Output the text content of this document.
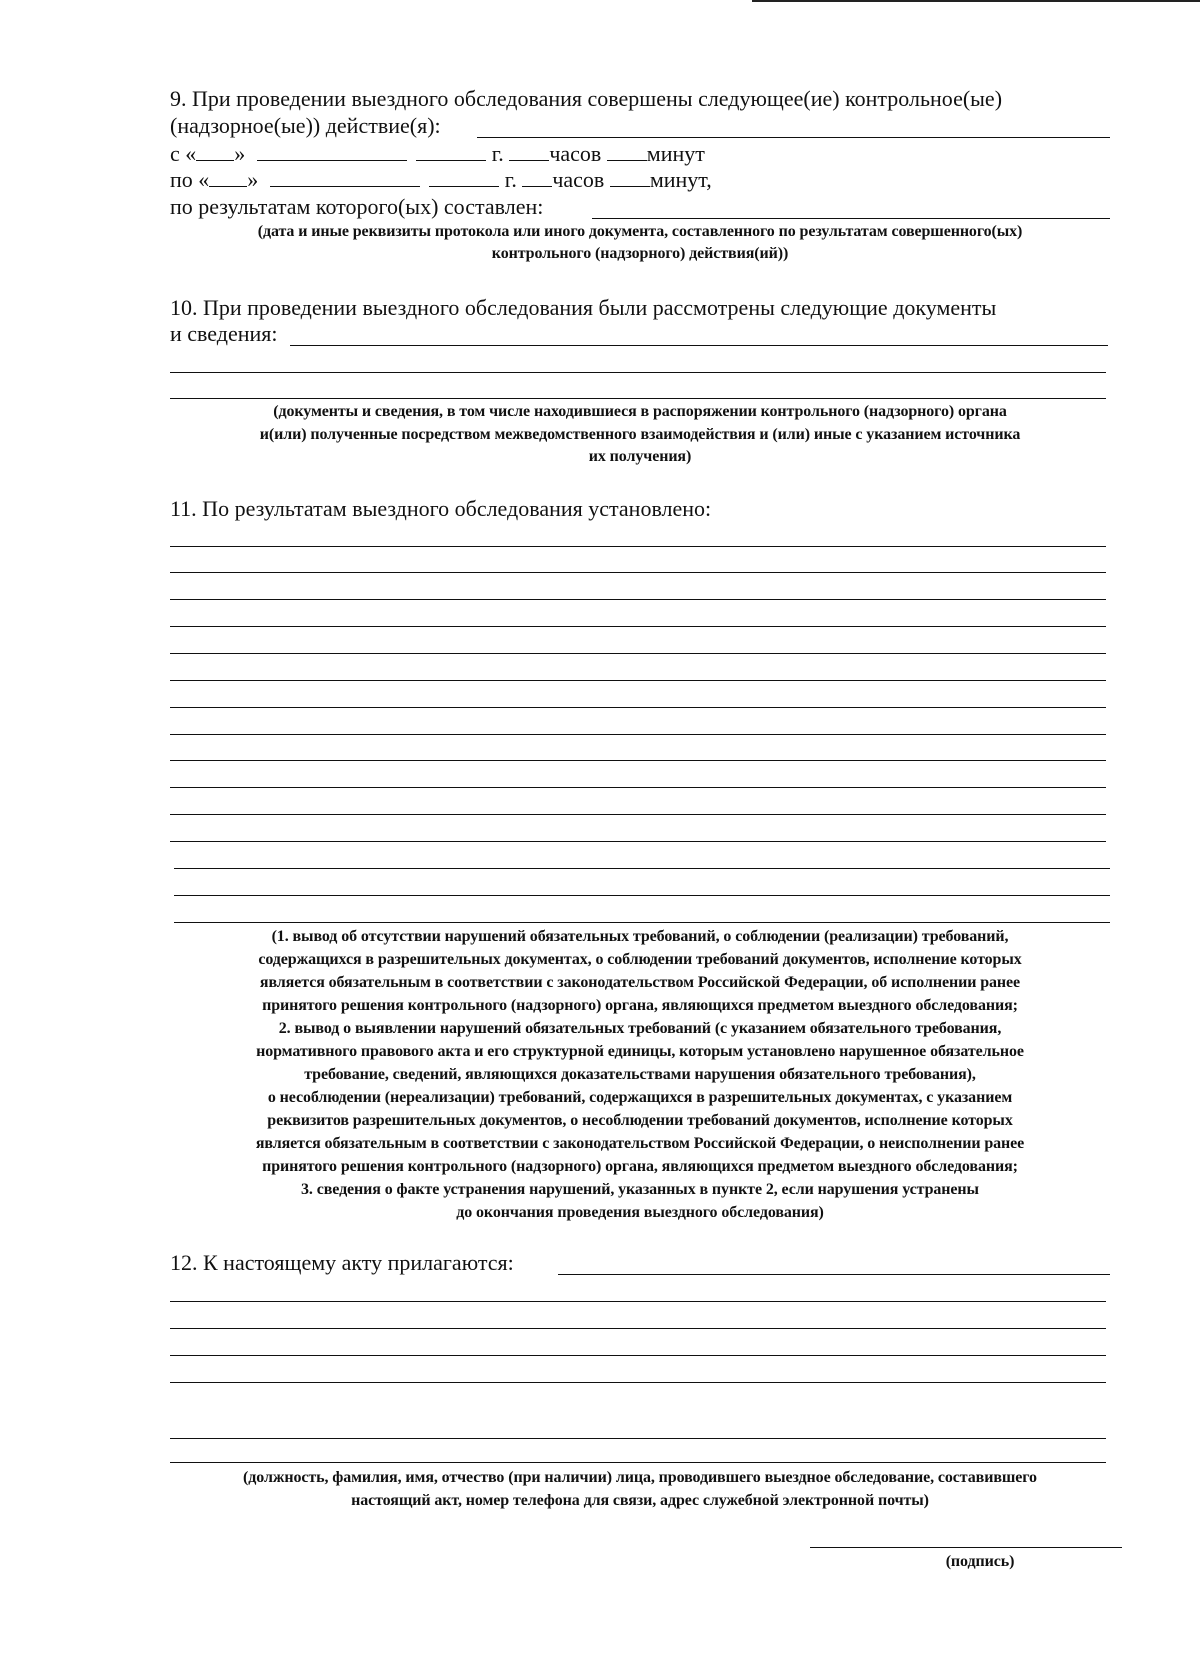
9. При проведении выездного обследования совершены следующее(ие) контрольное(ые)
(надзорное(ые)) действие(я):
с « »	г. часов минут
по « »	г. часов минут,
по результатам которого(ых) составлен:
(дата и иные реквизиты протокола или иного документа, составленного по результатам совершенного(ых)
контрольного (надзорного) действия(ий))
10. При проведении выездного обследования были рассмотрены следующие документы
и сведения:
(документы и сведения, в том числе находившиеся в распоряжении контрольного (надзорного) органа
и(или) полученные посредством межведомственного взаимодействия и (или) иные с указанием источника
их получения)
11. По результатам выездного обследования установлено:
(1. вывод об отсутствии нарушений обязательных требований, о соблюдении (реализации) требований,
содержащихся в разрешительных документах, о соблюдении требований документов, исполнение которых
является обязательным в соответствии с законодательством Российской Федерации, об исполнении ранее
принятого решения контрольного (надзорного) органа, являющихся предметом выездного обследования;
2. вывод о выявлении нарушений обязательных требований (с указанием обязательного требования,
нормативного правового акта и его структурной единицы, которым установлено нарушенное обязательное
требование, сведений, являющихся доказательствами нарушения обязательного требования),
о несоблюдении (нереализации) требований, содержащихся в разрешительных документах, с указанием
реквизитов разрешительных документов, о несоблюдении требований документов, исполнение которых
является обязательным в соответствии с законодательством Российской Федерации, о неисполнении ранее
принятого решения контрольного (надзорного) органа, являющихся предметом выездного обследования;
3. сведения о факте устранения нарушений, указанных в пункте 2, если нарушения устранены
до окончания проведения выездного обследования)
12. К настоящему акту прилагаются:
(должность, фамилия, имя, отчество (при наличии) лица, проводившего выездное обследование, составившего
настоящий акт, номер телефона для связи, адрес служебной электронной почты)
(подпись)
